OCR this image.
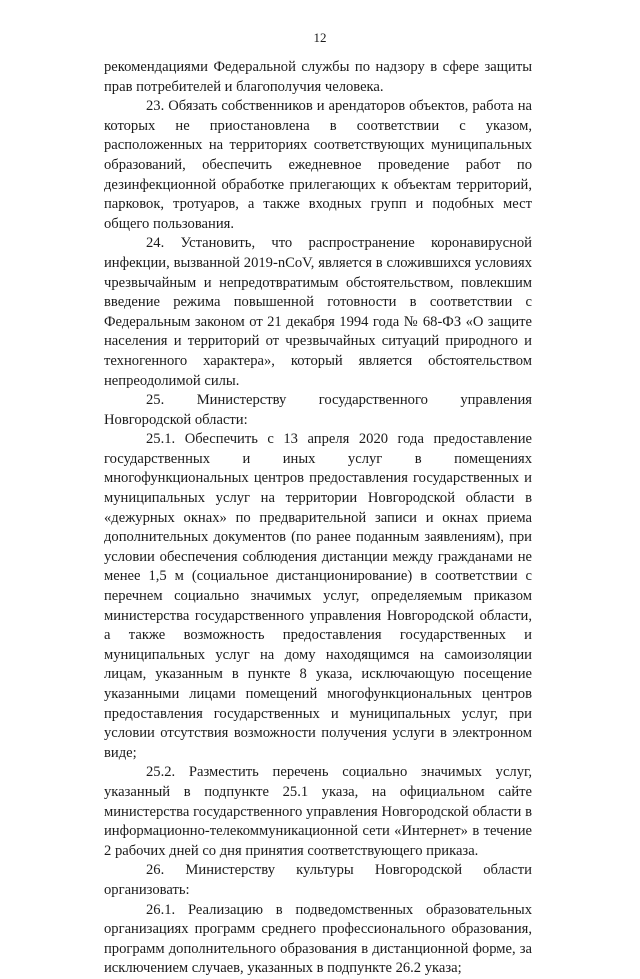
12

рекомендациями Федеральной службы по надзору в сфере защиты прав потребителей и благополучия человека.

23. Обязать собственников и арендаторов объектов, работа на которых не приостановлена в соответствии с указом, расположенных на территориях соответствующих муниципальных образований, обеспечить ежедневное проведение работ по дезинфекционной обработке прилегающих к объектам территорий, парковок, тротуаров, а также входных групп и подобных мест общего пользования.

24. Установить, что распространение коронавирусной инфекции, вызванной 2019-nCoV, является в сложившихся условиях чрезвычайным и непредотвратимым обстоятельством, повлекшим введение режима повышенной готовности в соответствии с Федеральным законом от 21 декабря 1994 года № 68-ФЗ «О защите населения и территорий от чрезвычайных ситуаций природного и техногенного характера», который является обстоятельством непреодолимой силы.

25. Министерству государственного управления Новгородской области:

25.1. Обеспечить с 13 апреля 2020 года предоставление государственных и иных услуг в помещениях многофункциональных центров предоставления государственных и муниципальных услуг на территории Новгородской области в «дежурных окнах» по предварительной записи и окнах приема дополнительных документов (по ранее поданным заявлениям), при условии обеспечения соблюдения дистанции между гражданами не менее 1,5 м (социальное дистанционирование) в соответствии с перечнем социально значимых услуг, определяемым приказом министерства государственного управления Новгородской области, а также возможность предоставления государственных и муниципальных услуг на дому находящимся на самоизоляции лицам, указанным в пункте 8 указа, исключающую посещение указанными лицами помещений многофункциональных центров предоставления государственных и муниципальных услуг, при условии отсутствия возможности получения услуги в электронном виде;

25.2. Разместить перечень социально значимых услуг, указанный в подпункте 25.1 указа, на официальном сайте министерства государственного управления Новгородской области в информационно-телекоммуникационной сети «Интернет» в течение 2 рабочих дней со дня принятия соответствующего приказа.

26. Министерству культуры Новгородской области организовать:

26.1. Реализацию в подведомственных образовательных организациях программ среднего профессионального образования, программ дополнительного образования в дистанционной форме, за исключением случаев, указанных в подпункте 26.2 указа;
